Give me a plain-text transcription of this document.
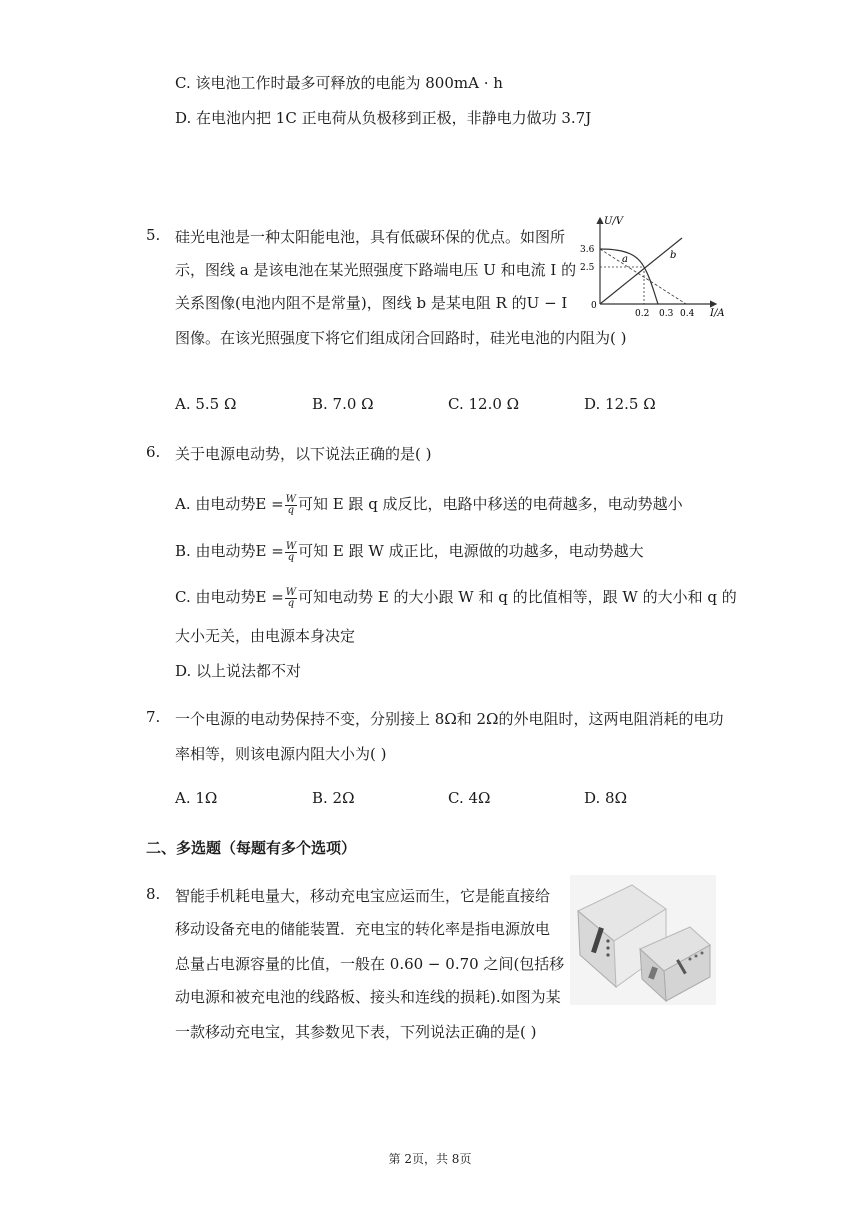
C. 该电池工作时最多可释放的电能为 800mA · h
D. 在电池内把 1C 正电荷从负极移到正极，非静电力做功 3.7J
5. 硅光电池是一种太阳能电池，具有低碳环保的优点。如图所
示，图线 a 是该电池在某光照强度下路端电压 U 和电流 I 的
关系图像(电池内阻不是常量)，图线 b 是某电阻 R 的U − I
图像。在该光照强度下将它们组成闭合回路时，硅光电池的内阻为( )
U/V
I/A
0
3.6
2.5
a	b
0.2 0.3 0.4
A. 5.5 Ω	B. 7.0 Ω	C. 12.0 Ω	D. 12.5 Ω
6. 关于电源电动势，以下说法正确的是( )
A. 由电动势$E = \frac{W}{q}$ 可知 E 跟 q 成反比，电路中移送的电荷越多，电动势越小
B. 由电动势$E = \frac{W}{q}$ 可知 E 跟 W 成正比，电源做的功越多，电动势越大
C. 由电动势$E = \frac{W}{q}$ 可知电动势 E 的大小跟 W 和 q 的比值相等，跟 W 的大小和 q 的
大小无关，由电源本身决定
D. 以上说法都不对
7. 一个电源的电动势保持不变，分别接上 8Ω和 2Ω的外电阻时，这两电阻消耗的电功
率相等，则该电源内阻大小为( )
A. 1Ω	B. 2Ω	C. 4Ω	D. 8Ω
二、多选题（每题有多个选项）
8. 智能手机耗电量大，移动充电宝应运而生，它是能直接给
移动设备充电的储能装置．充电宝的转化率是指电源放电
总量占电源容量的比值，一般在 0.60 − 0.70 之间(包括移
动电源和被充电池的线路板、接头和连线的损耗).如图为某
一款移动充电宝，其参数见下表，下列说法正确的是( )
第 2页，共 8页
